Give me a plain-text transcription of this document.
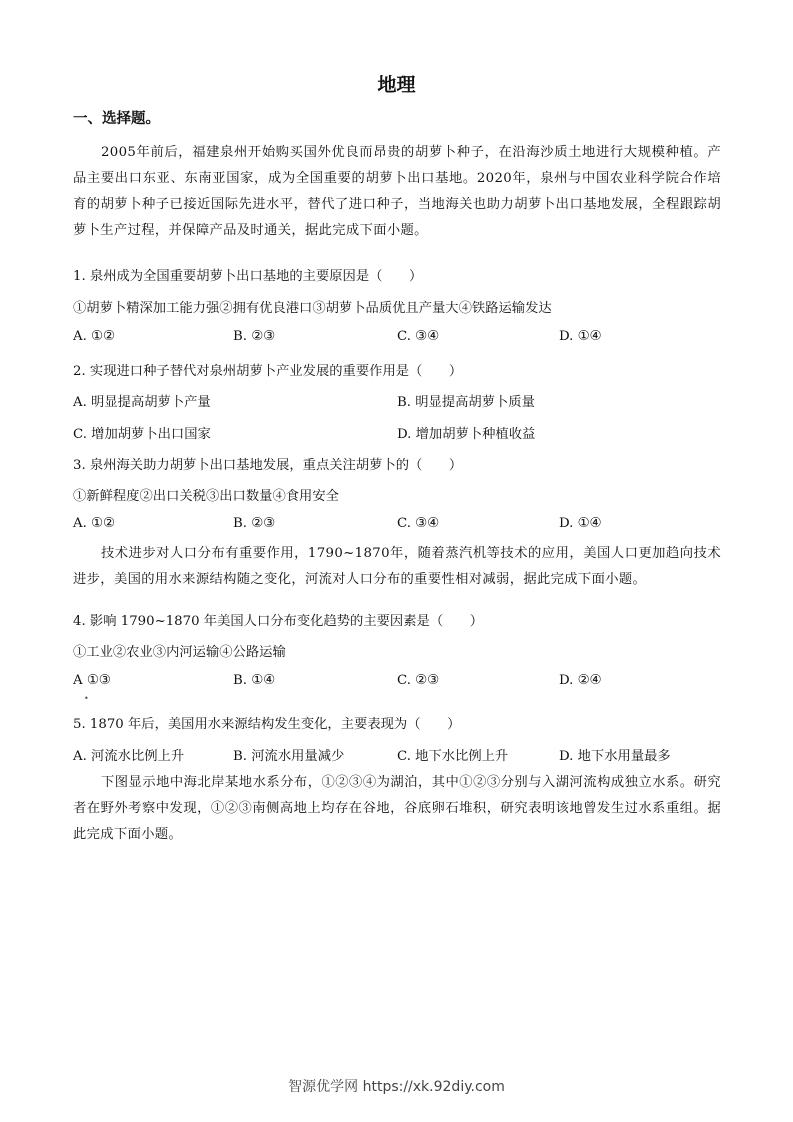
地理
一、选择题。
2005年前后，福建泉州开始购买国外优良而昂贵的胡萝卜种子，在沿海沙质土地进行大规模种植。产品主要出口东亚、东南亚国家，成为全国重要的胡萝卜出口基地。2020年，泉州与中国农业科学院合作培育的胡萝卜种子已接近国际先进水平，替代了进口种子，当地海关也助力胡萝卜出口基地发展，全程跟踪胡萝卜生产过程，并保障产品及时通关，据此完成下面小题。
1. 泉州成为全国重要胡萝卜出口基地的主要原因是（　　）
①胡萝卜精深加工能力强②拥有优良港口③胡萝卜品质优且产量大④铁路运输发达
A. ①②	B. ②③	C. ③④	D. ①④
2. 实现进口种子替代对泉州胡萝卜产业发展的重要作用是（　　）
A. 明显提高胡萝卜产量	B. 明显提高胡萝卜质量
C. 增加胡萝卜出口国家	D. 增加胡萝卜种植收益
3. 泉州海关助力胡萝卜出口基地发展，重点关注胡萝卜的（　　）
①新鲜程度②出口关税③出口数量④食用安全
A. ①②	B. ②③	C. ③④	D. ①④
技术进步对人口分布有重要作用，1790~1870年，随着蒸汽机等技术的应用，美国人口更加趋向技术进步，美国的用水来源结构随之变化，河流对人口分布的重要性相对减弱，据此完成下面小题。
4. 影响 1790~1870 年美国人口分布变化趋势的主要因素是（　　）
①工业②农业③内河运输④公路运输
A ①③	B. ①④	C. ②③	D. ②④
•
5. 1870 年后，美国用水来源结构发生变化，主要表现为（　　）
A. 河流水比例上升	B. 河流水用量减少	C. 地下水比例上升	D. 地下水用量最多
下图显示地中海北岸某地水系分布，①②③④为湖泊，其中①②③分别与入湖河流构成独立水系。研究者在野外考察中发现，①②③南侧高地上均存在谷地，谷底卵石堆积，研究表明该地曾发生过水系重组。据此完成下面小题。
智源优学网 https://xk.92diy.com
